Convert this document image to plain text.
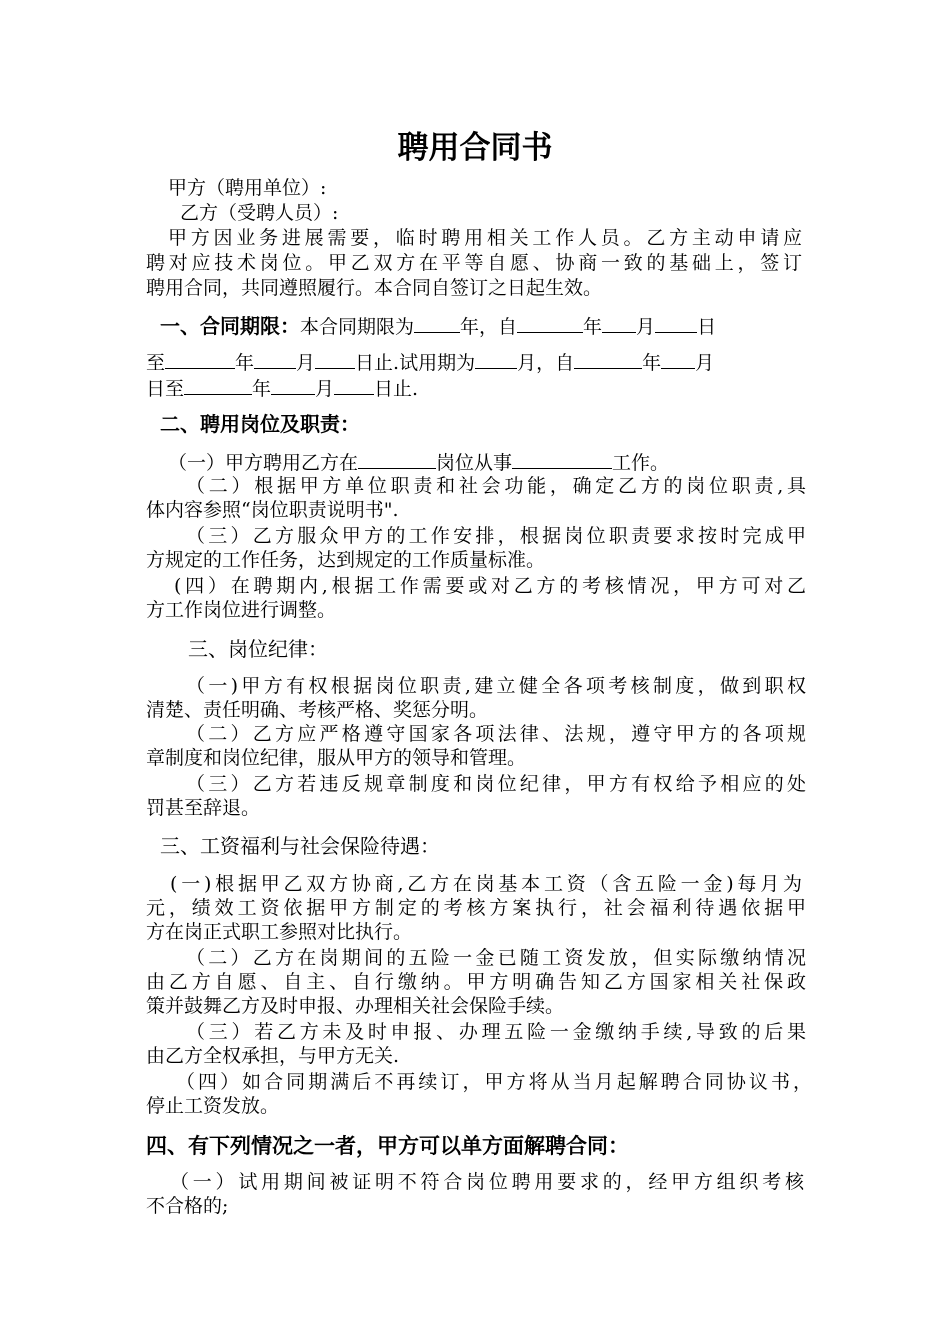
聘用合同书
甲方（聘用单位）:
乙方（受聘人员）:
甲方因业务进展需要，临时聘用相关工作人员。乙方主动申请应
聘对应技术岗位。甲乙双方在平等自愿、协商一致的基础上，签订
聘用合同，共同遵照履行。本合同自签订之日起生效。
一、合同期限：本合同期限为 年，自	年 月 日
至	年 月 日止.试用期为 月，自	年 月
日至	年 月 日止.
二、聘用岗位及职责：
（一）甲方聘用乙方在	岗位从事	工作。
（二）根据甲方单位职责和社会功能，确定乙方的岗位职责,具
体内容参照“岗位职责说明书".
（三）乙方服众甲方的工作安排，根据岗位职责要求按时完成甲
方规定的工作任务，达到规定的工作质量标准。
(四）在聘期内,根据工作需要或对乙方的考核情况，甲方可对乙
方工作岗位进行调整。
三、岗位纪律：
（一)甲方有权根据岗位职责,建立健全各项考核制度，做到职权
清楚、责任明确、考核严格、奖惩分明。
（二）乙方应严格遵守国家各项法律、法规，遵守甲方的各项规
章制度和岗位纪律，服从甲方的领导和管理。
（三）乙方若违反规章制度和岗位纪律，甲方有权给予相应的处
罚甚至辞退。
三、工资福利与社会保险待遇：
(一)根据甲乙双方协商,乙方在岗基本工资（含五险一金)每月为
元，绩效工资依据甲方制定的考核方案执行，社会福利待遇依据甲
方在岗正式职工参照对比执行。
（二）乙方在岗期间的五险一金已随工资发放，但实际缴纳情况
由乙方自愿、自主、自行缴纳。甲方明确告知乙方国家相关社保政
策并鼓舞乙方及时申报、办理相关社会保险手续。
（三）若乙方未及时申报、办理五险一金缴纳手续,导致的后果
由乙方全权承担，与甲方无关.
（四）如合同期满后不再续订，甲方将从当月起解聘合同协议书，
停止工资发放。
四、有下列情况之一者，甲方可以单方面解聘合同：
（一）试用期间被证明不符合岗位聘用要求的，经甲方组织考核
不合格的;
